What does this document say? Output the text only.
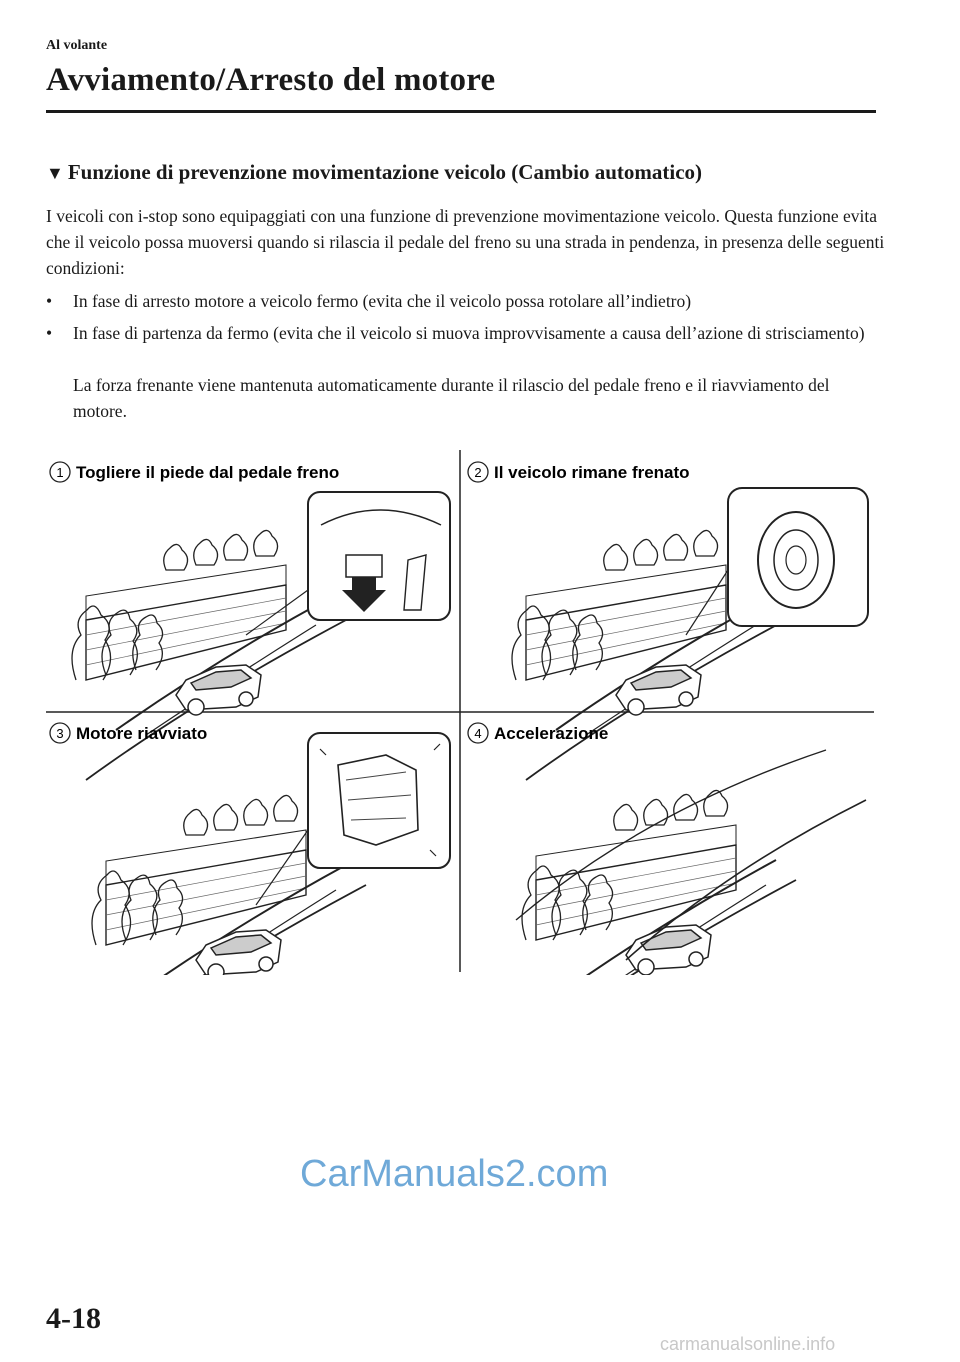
Al volante
Avviamento/Arresto del motore
▼ Funzione di prevenzione movimentazione veicolo (Cambio automatico)
I veicoli con i-stop sono equipaggiati con una funzione di prevenzione movimentazione veicolo. Questa funzione evita che il veicolo possa muoversi quando si rilascia il pedale del freno su una strada in pendenza, in presenza delle seguenti condizioni:
• In fase di arresto motore a veicolo fermo (evita che il veicolo possa rotolare all’indietro)
• In fase di partenza da fermo (evita che il veicolo si muova improvvisamente a causa dell’azione di strisciamento)
La forza frenante viene mantenuta automaticamente durante il rilascio del pedale freno e il riavviamento del motore.
1 Togliere il piede dal pedale freno	2 Il veicolo rimane frenato
3 Motore riavviato	4 Accelerazione
CarManuals2.com
4-18
carmanualsonline.info
